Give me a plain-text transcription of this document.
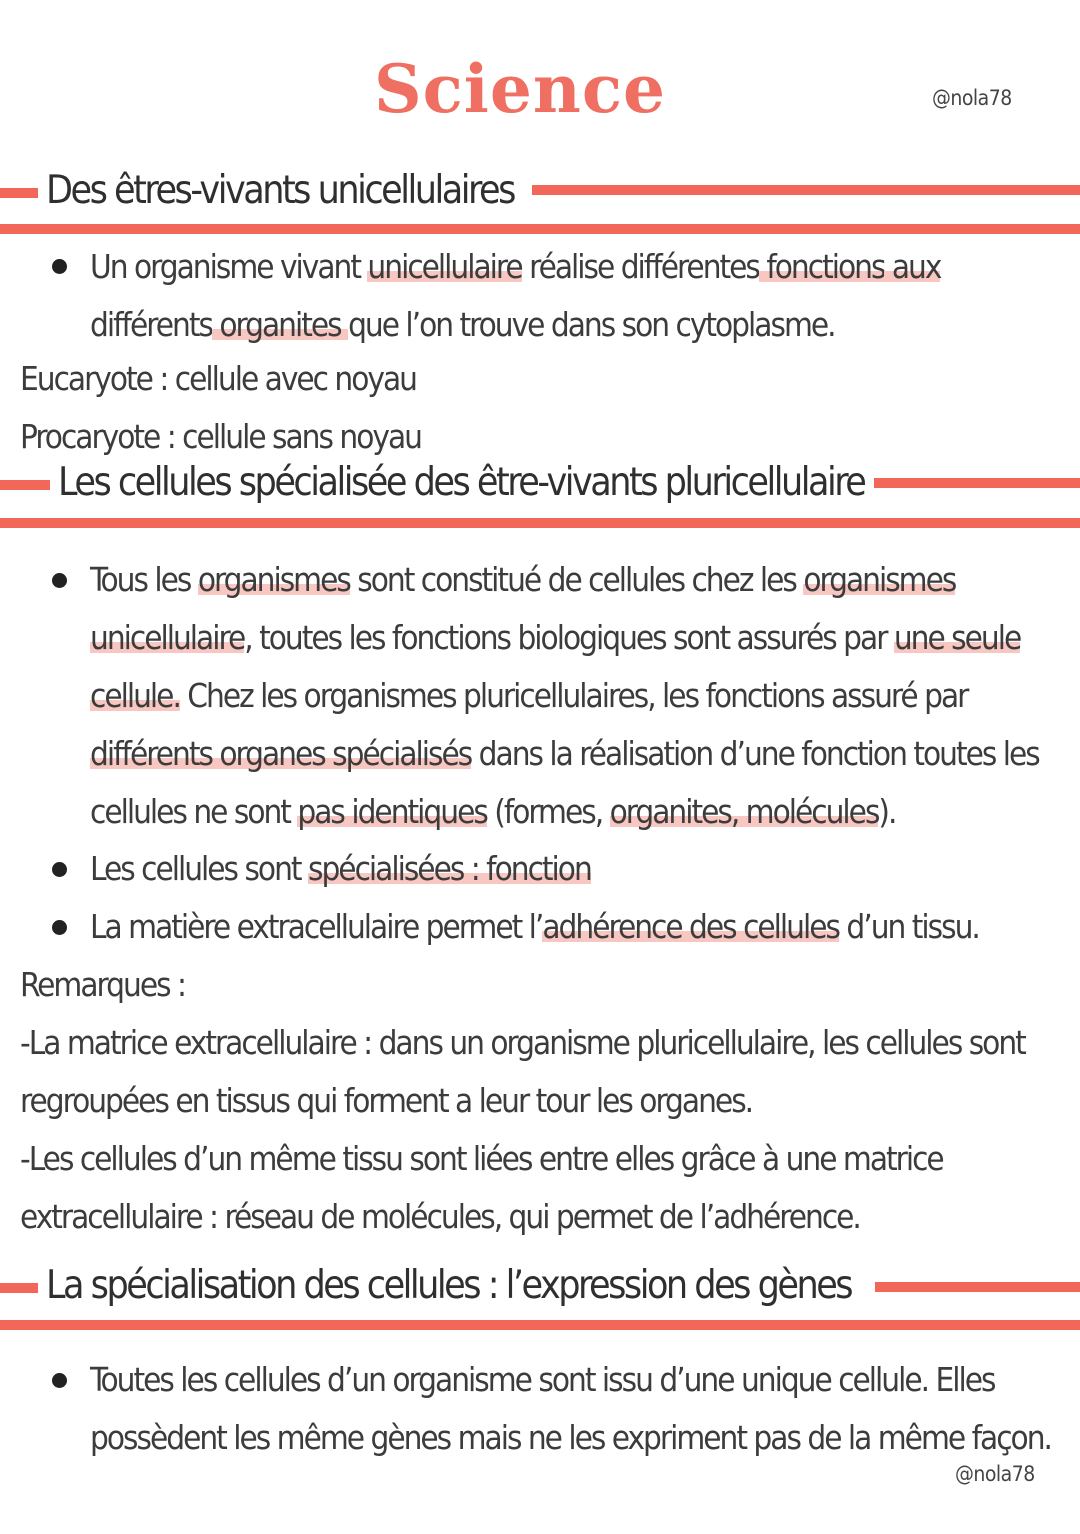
Science	@nola78
Des êtres-vivants unicellulaires
Un organisme vivant unicellulaire réalise différentes fonctions aux
différents organites que l’on trouve dans son cytoplasme.
Eucaryote : cellule avec noyau
Procaryote : cellule sans noyau
Les cellules spécialisée des être-vivants pluricellulaire
Tous les organismes sont constitué de cellules chez les organismes
unicellulaire, toutes les fonctions biologiques sont assurés par une seule
cellule. Chez les organismes pluricellulaires, les fonctions assuré par
différents organes spécialisés dans la réalisation d’une fonction toutes les
cellules ne sont pas identiques (formes, organites, molécules).
Les cellules sont spécialisées : fonction
La matière extracellulaire permet l’adhérence des cellules d’un tissu.
Remarques :
-La matrice extracellulaire : dans un organisme pluricellulaire, les cellules sont
regroupées en tissus qui forment a leur tour les organes.
-Les cellules d’un même tissu sont liées entre elles grâce à une matrice
extracellulaire : réseau de molécules, qui permet de l’adhérence.
La spécialisation des cellules : l’expression des gènes
Toutes les cellules d’un organisme sont issu d’une unique cellule. Elles
possèdent les même gènes mais ne les expriment pas de la même façon.
@nola78
